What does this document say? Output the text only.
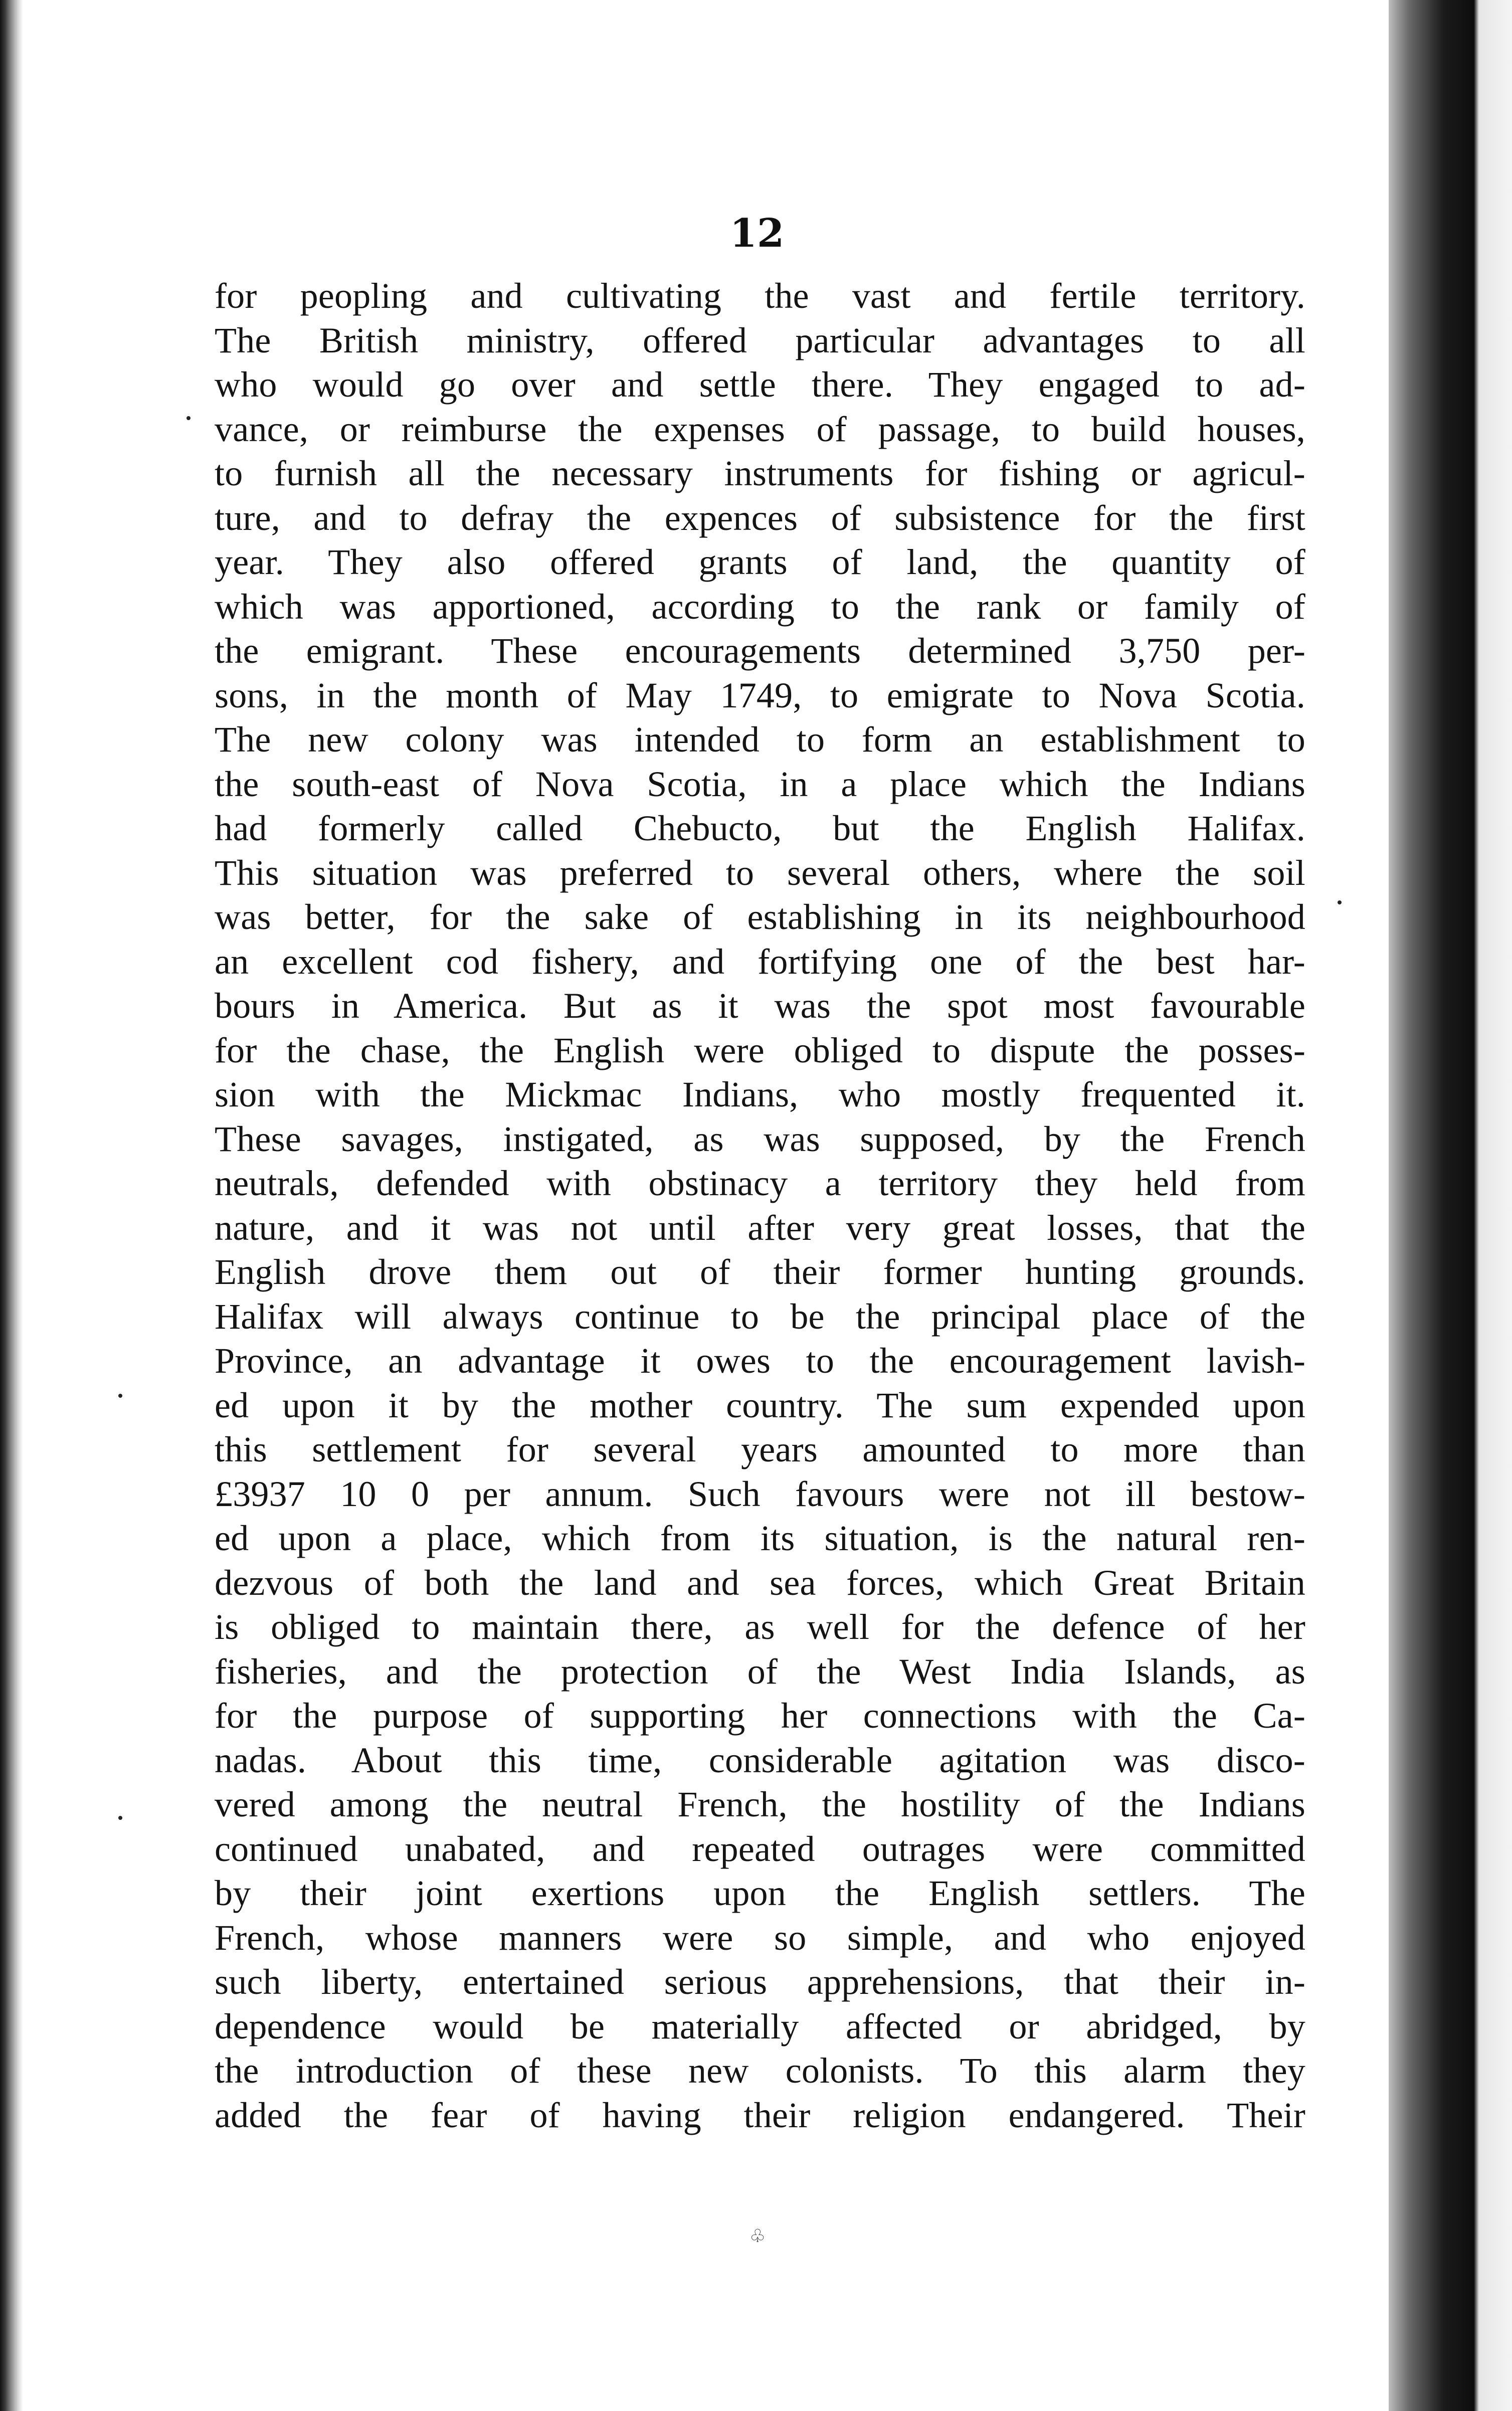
12
for peopling and cultivating the vast and fertile territory.
The British ministry, offered particular advantages to all
who would go over and settle there. They engaged to ad-
vance, or reimburse the expenses of passage, to build houses,
to furnish all the necessary instruments for fishing or agricul-
ture, and to defray the expences of subsistence for the first
year. They also offered grants of land, the quantity of
which was apportioned, according to the rank or family of
the emigrant. These encouragements determined 3,750 per-
sons, in the month of May 1749, to emigrate to Nova Scotia.
The new colony was intended to form an establishment to
the south-east of Nova Scotia, in a place which the Indians
had formerly called Chebucto, but the English Halifax.
This situation was preferred to several others, where the soil
was better, for the sake of establishing in its neighbourhood
an excellent cod fishery, and fortifying one of the best har-
bours in America. But as it was the spot most favourable
for the chase, the English were obliged to dispute the posses-
sion with the Mickmac Indians, who mostly frequented it.
These savages, instigated, as was supposed, by the French
neutrals, defended with obstinacy a territory they held from
nature, and it was not until after very great losses, that the
English drove them out of their former hunting grounds.
Halifax will always continue to be the principal place of the
Province, an advantage it owes to the encouragement lavish-
ed upon it by the mother country. The sum expended upon
this settlement for several years amounted to more than
£3937 10 0 per annum. Such favours were not ill bestow-
ed upon a place, which from its situation, is the natural ren-
dezvous of both the land and sea forces, which Great Britain
is obliged to maintain there, as well for the defence of her
fisheries, and the protection of the West India Islands, as
for the purpose of supporting her connections with the Ca-
nadas. About this time, considerable agitation was disco-
vered among the neutral French, the hostility of the Indians
continued unabated, and repeated outrages were committed
by their joint exertions upon the English settlers. The
French, whose manners were so simple, and who enjoyed
such liberty, entertained serious apprehensions, that their in-
dependence would be materially affected or abridged, by
the introduction of these new colonists. To this alarm they
added the fear of having their religion endangered. Their
♧
